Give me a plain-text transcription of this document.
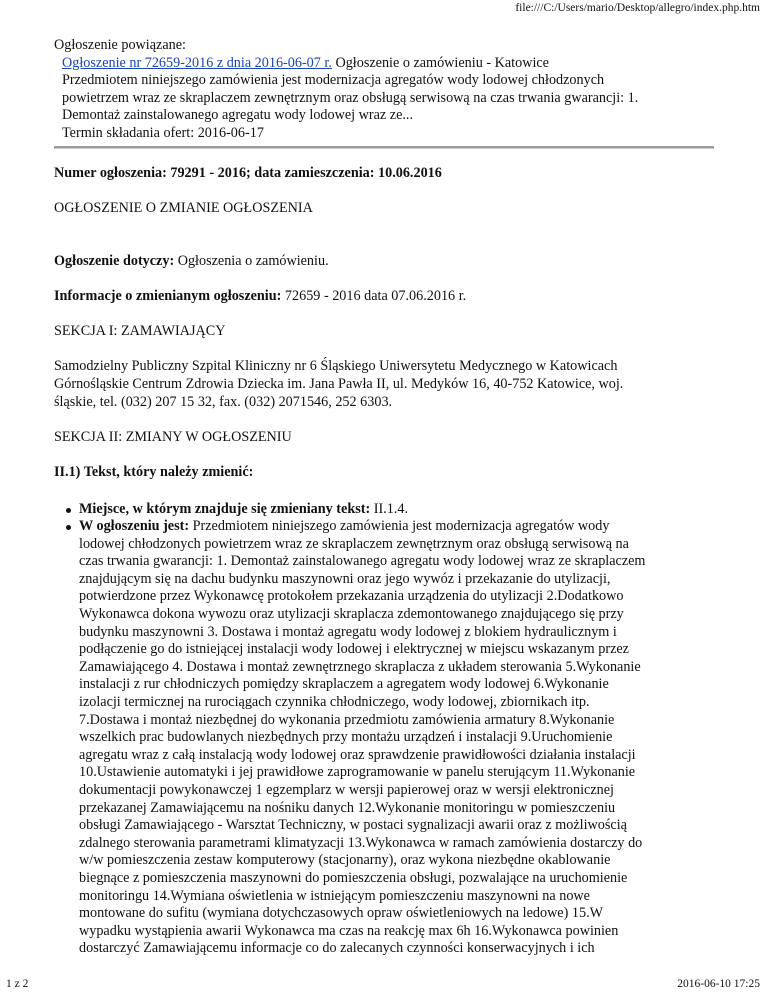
file:///C:/Users/mario/Desktop/allegro/index.php.htm
Ogłoszenie powiązane:
Ogłoszenie nr 72659-2016 z dnia 2016-06-07 r. Ogłoszenie o zamówieniu - Katowice
Przedmiotem niniejszego zamówienia jest modernizacja agregatów wody lodowej chłodzonych
powietrzem wraz ze skraplaczem zewnętrznym oraz obsługą serwisową na czas trwania gwarancji: 1.
Demontaż zainstalowanego agregatu wody lodowej wraz ze...
Termin składania ofert: 2016-06-17
Numer ogłoszenia: 79291 - 2016; data zamieszczenia: 10.06.2016
OGŁOSZENIE O ZMIANIE OGŁOSZENIA
Ogłoszenie dotyczy: Ogłoszenia o zamówieniu.
Informacje o zmienianym ogłoszeniu: 72659 - 2016 data 07.06.2016 r.
SEKCJA I: ZAMAWIAJĄCY
Samodzielny Publiczny Szpital Kliniczny nr 6 Śląskiego Uniwersytetu Medycznego w Katowicach
Górnośląskie Centrum Zdrowia Dziecka im. Jana Pawła II, ul. Medyków 16, 40-752 Katowice, woj.
śląskie, tel. (032) 207 15 32, fax. (032) 2071546, 252 6303.
SEKCJA II: ZMIANY W OGŁOSZENIU
II.1) Tekst, który należy zmienić:
Miejsce, w którym znajduje się zmieniany tekst: II.1.4.
W ogłoszeniu jest: Przedmiotem niniejszego zamówienia jest modernizacja agregatów wody
lodowej chłodzonych powietrzem wraz ze skraplaczem zewnętrznym oraz obsługą serwisową na
czas trwania gwarancji: 1. Demontaż zainstalowanego agregatu wody lodowej wraz ze skraplaczem
znajdującym się na dachu budynku maszynowni oraz jego wywóz i przekazanie do utylizacji,
potwierdzone przez Wykonawcę protokołem przekazania urządzenia do utylizacji 2.Dodatkowo
Wykonawca dokona wywozu oraz utylizacji skraplacza zdemontowanego znajdującego się przy
budynku maszynowni 3. Dostawa i montaż agregatu wody lodowej z blokiem hydraulicznym i
podłączenie go do istniejącej instalacji wody lodowej i elektrycznej w miejscu wskazanym przez
Zamawiającego 4. Dostawa i montaż zewnętrznego skraplacza z układem sterowania 5.Wykonanie
instalacji z rur chłodniczych pomiędzy skraplaczem a agregatem wody lodowej 6.Wykonanie
izolacji termicznej na rurociągach czynnika chłodniczego, wody lodowej, zbiornikach itp.
7.Dostawa i montaż niezbędnej do wykonania przedmiotu zamówienia armatury 8.Wykonanie
wszelkich prac budowlanych niezbędnych przy montażu urządzeń i instalacji 9.Uruchomienie
agregatu wraz z całą instalacją wody lodowej oraz sprawdzenie prawidłowości działania instalacji
10.Ustawienie automatyki i jej prawidłowe zaprogramowanie w panelu sterującym 11.Wykonanie
dokumentacji powykonawczej 1 egzemplarz w wersji papierowej oraz w wersji elektronicznej
przekazanej Zamawiającemu na nośniku danych 12.Wykonanie monitoringu w pomieszczeniu
obsługi Zamawiającego - Warsztat Techniczny, w postaci sygnalizacji awarii oraz z możliwością
zdalnego sterowania parametrami klimatyzacji 13.Wykonawca w ramach zamówienia dostarczy do
w/w pomieszczenia zestaw komputerowy (stacjonarny), oraz wykona niezbędne okablowanie
biegnące z pomieszczenia maszynowni do pomieszczenia obsługi, pozwalające na uruchomienie
monitoringu 14.Wymiana oświetlenia w istniejącym pomieszczeniu maszynowni na nowe
montowane do sufitu (wymiana dotychczasowych opraw oświetleniowych na ledowe) 15.W
wypadku wystąpienia awarii Wykonawca ma czas na reakcję max 6h 16.Wykonawca powinien
dostarczyć Zamawiającemu informacje co do zalecanych czynności konserwacyjnych i ich
1 z 2	2016-06-10 17:25
